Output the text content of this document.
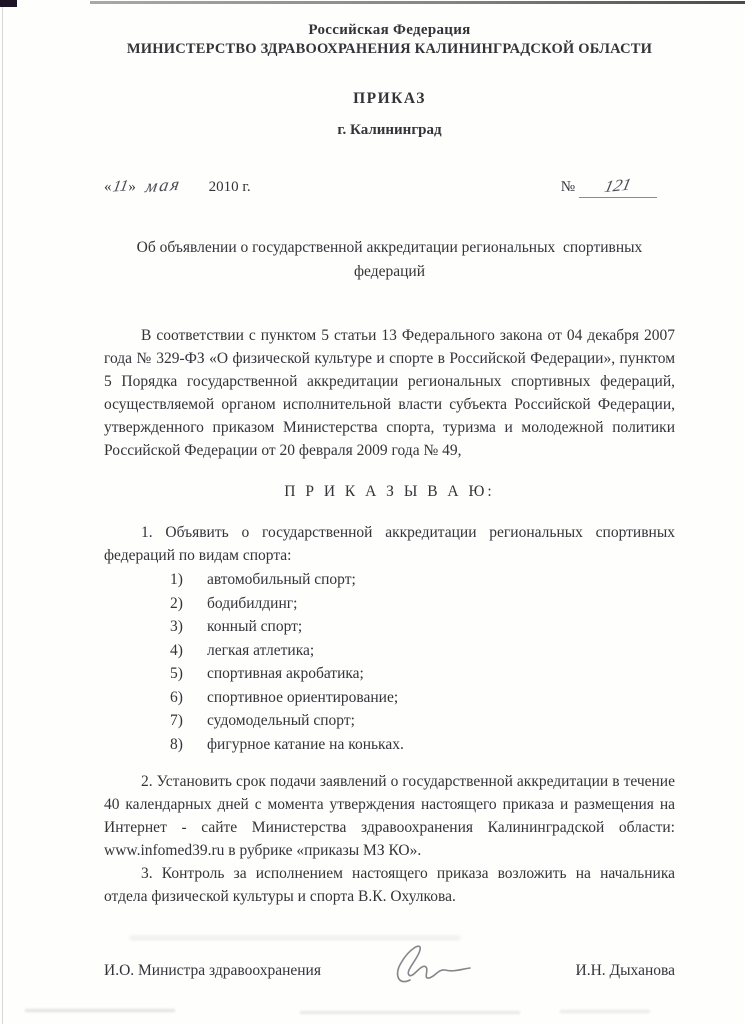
Российская Федерация
МИНИСТЕРСТВО ЗДРАВООХРАНЕНИЯ КАЛИНИНГРАДСКОЙ ОБЛАСТИ
ПРИКАЗ
г. Калининград
«11» мая 2010 г.	№ 121
Об объявлении о государственной аккредитации региональных  спортивных федераций

В соответствии с пунктом 5 статьи 13 Федерального закона от 04 декабря 2007 года № 329-ФЗ «О физической культуре и спорте в Российской Федерации», пунктом 5 Порядка государственной аккредитации региональных спортивных федераций, осуществляемой органом исполнительной власти субъекта Российской Федерации, утвержденного приказом Министерства спорта, туризма и молодежной политики Российской Федерации от 20 февраля 2009 года № 49,

П Р И К А З Ы В А Ю:

1. Объявить о государственной аккредитации региональных спортивных федераций по видам спорта:

1)	автомобильный спорт;
2)	бодибилдинг;
3)	конный спорт;
4)	легкая атлетика;
5)	спортивная акробатика;
6)	спортивное ориентирование;
7)	судомодельный спорт;
8)	фигурное катание на коньках.

2. Установить срок подачи заявлений о государственной аккредитации в течение 40 календарных дней с момента утверждения настоящего приказа и размещения на Интернет - сайте Министерства здравоохранения Калининградской области: www.infomed39.ru в рубрике «приказы МЗ КО».

3. Контроль за исполнением настоящего приказа возложить на начальника отдела физической культуры и спорта В.К. Охулкова.

И.О. Министра здравоохранения	И.Н. Дыханова
